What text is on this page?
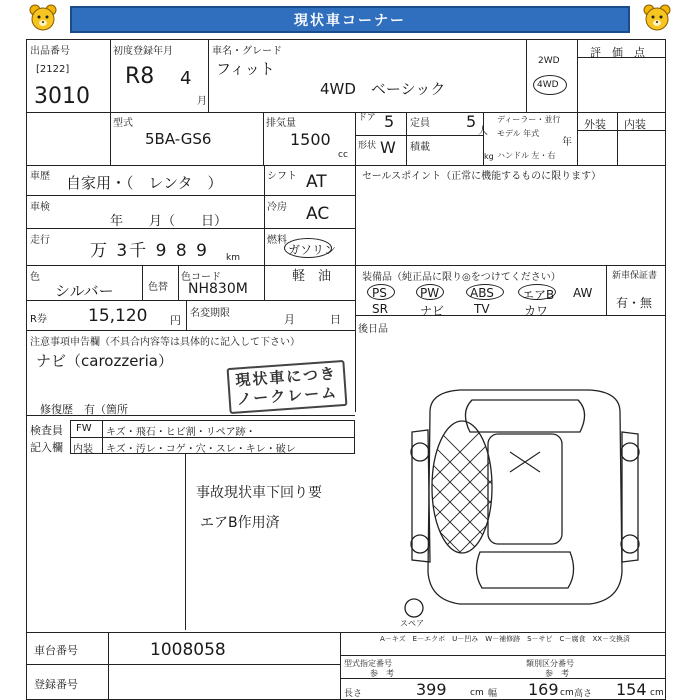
現状車コーナー
出品番号
[2122]
3010
初度登録年月
R8 4
月
車名・グレード
フィット
4WD　ベーシック
2WD
4WD
評　価　点
型式
5BA-GS6
排気量
1500
cc
ドア 5
形状 W
定員 5
人
積載
kg
ディーラー・並行
モデル 年式
年
ハンドル 左・右
外装 内装
車歴 自家用・（　レンタ　）	シフト AT
車検
年　　月（　　日）
冷房 AC
走行
万 3千 9 8 9 km
燃料
ガソリン
軽　油
色
シルバー	色替
色コード
NH830M
R券 15,120 円
名変期限	月	日
セールスポイント（正常に機能するものに限ります）
装備品（純正品に限り◎をつけてください）	新車保証書
有・無
PS	PW	ABS エアB AW
SR	ナビ TV	カワ
後日品
注意事項申告欄（不具合内容等は具体的に記入して下さい）
ナビ（carozzeria）
現状車につき
ノークレーム
修復歴　有（箇所
検査員
記入欄
FW キズ・飛石・ヒビ割・リペア跡・
内装 キズ・汚レ・コゲ・穴・スレ・キレ・破レ
事故現状車下回り要
エアB作用済
スペア
車台番号	1008058
登録番号
A－キズ　E－エクボ　U－凹み　W－補修跡　S－サビ　C－腐食　XX－交換済
型式指定番号	類別区分番号
参　考	参　考
長さ	399	cm 幅 169 cm 高さ 154 cm
